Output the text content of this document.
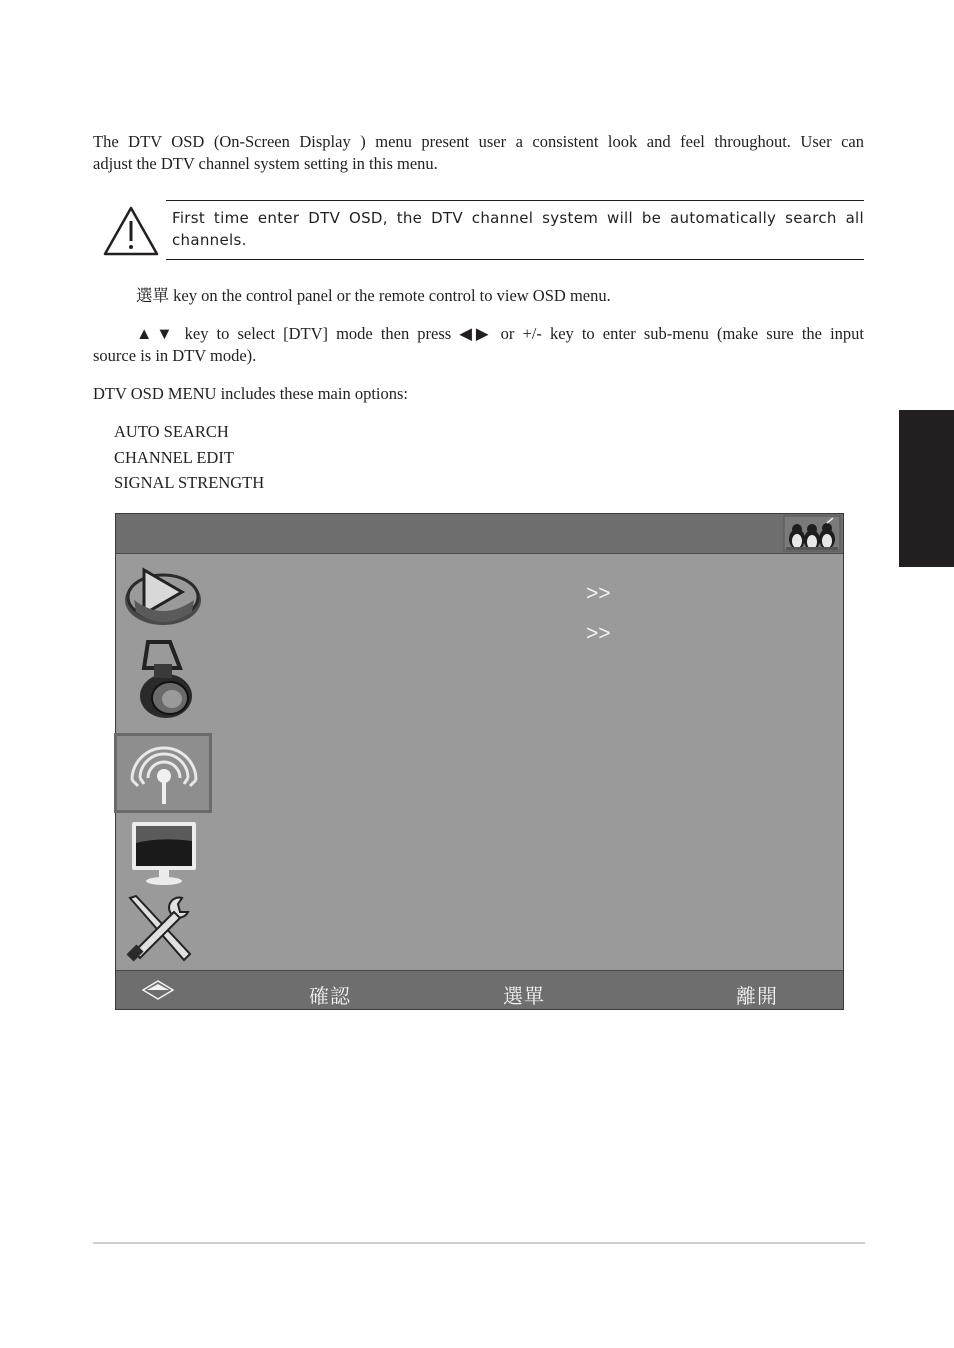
The DTV OSD (On-Screen Display ) menu present user a consistent look and feel throughout. User can
adjust the DTV channel system setting in this menu.
First time enter DTV OSD, the DTV channel system will be automatically search all
channels.
選單 key on the control panel or the remote control to view OSD menu.
▲▼ key to select [DTV] mode then press ◀▶ or +/- key to enter sub-menu (make sure the input
source is in DTV mode).
DTV OSD MENU includes these main options:
AUTO SEARCH
CHANNEL EDIT
SIGNAL STRENGTH
>>
>>
確認	選單	離開
